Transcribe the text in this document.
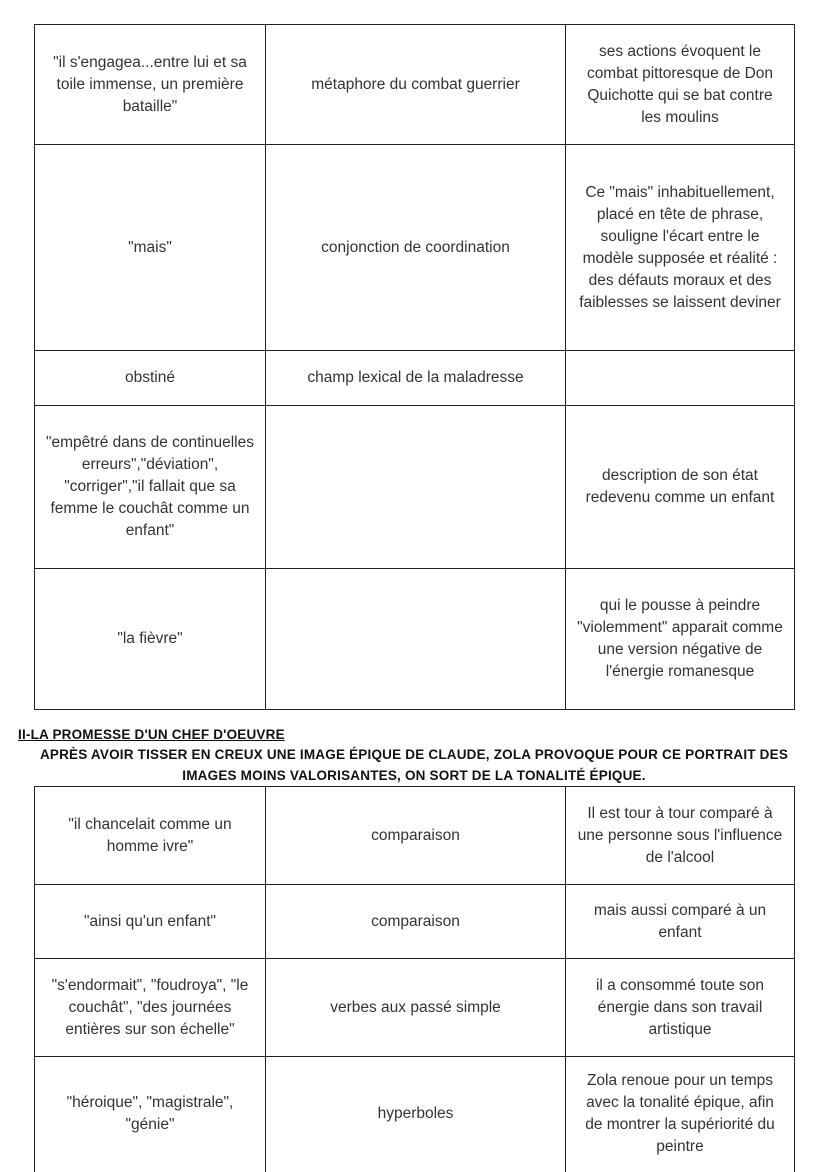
"il s'engagea...entre lui et sa toile immense, un première bataille"	métaphore du combat guerrier	ses actions évoquent le combat pittoresque de Don Quichotte qui se bat contre les moulins
"mais"	conjonction de coordination	Ce "mais" inhabituellement, placé en tête de phrase, souligne l'écart entre le modèle supposée et réalité : des défauts moraux et des faiblesses se laissent deviner
obstiné	champ lexical de la maladresse	
"empêtré dans de continuelles erreurs","déviation", "corriger","il fallait que sa femme le couchât comme un enfant"		description de son état redevenu comme un enfant
"la fièvre"		qui le pousse à peindre "violemment" apparait comme une version négative de l'énergie romanesque
II-LA PROMESSE D'UN CHEF D'OEUVRE
APRÈS AVOIR TISSER EN CREUX UNE IMAGE ÉPIQUE DE CLAUDE, ZOLA PROVOQUE POUR CE PORTRAIT DES IMAGES MOINS VALORISANTES, ON SORT DE LA TONALITÉ ÉPIQUE.
"il chancelait comme un homme ivre"	comparaison	Il est tour à tour comparé à une personne sous l'influence de l'alcool
"ainsi qu'un enfant"	comparaison	mais aussi comparé à un enfant
"s'endormait", "foudroya", "le couchât", "des journées entières sur son échelle"	verbes aux passé simple	il a consommé toute son énergie dans son travail artistique
"héroique", "magistrale", "génie"	hyperboles	Zola renoue pour un temps avec la tonalité épique, afin de montrer la supériorité du peintre
